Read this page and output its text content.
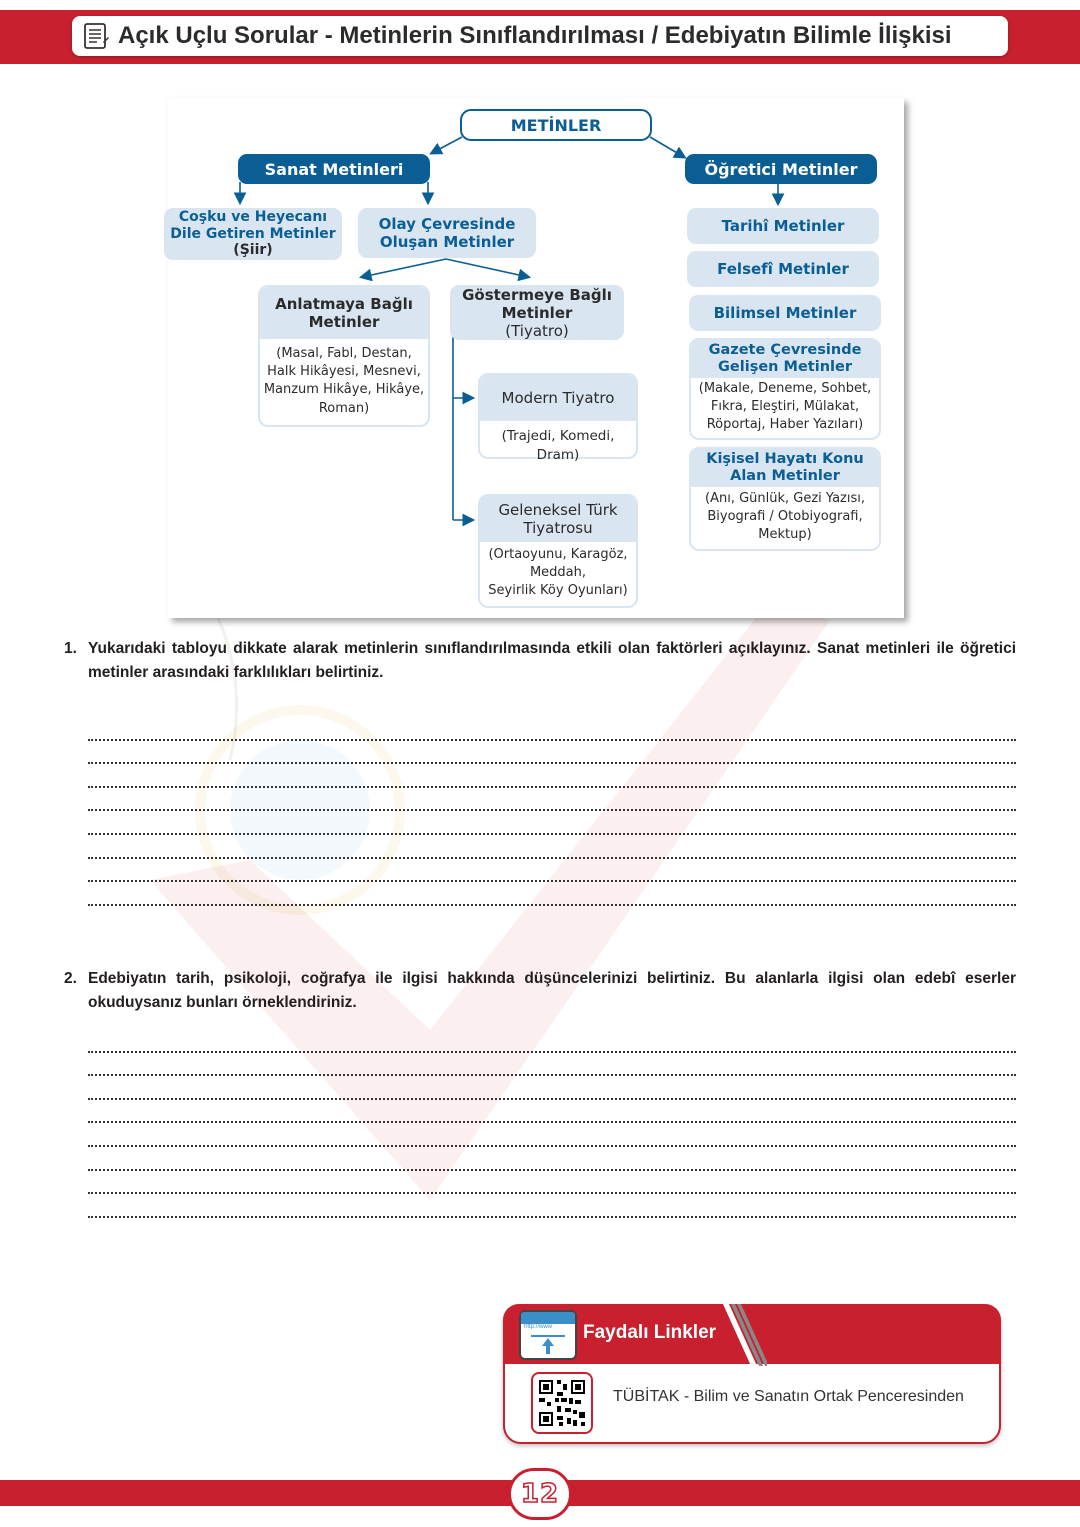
Açık Uçlu Sorular - Metinlerin Sınıflandırılması / Edebiyatın Bilimle İlişkisi
METİNLER
Sanat Metinleri
Coşku ve Heyecanı
Dile Getiren Metinler
(Şiir)
Olay Çevresinde
Oluşan Metinler
Anlatmaya Bağlı
Metinler
(Masal, Fabl, Destan,
Halk Hikâyesi, Mesnevi,
Manzum Hikâye, Hikâye,
Roman)
Göstermeye Bağlı
Metinler
(Tiyatro)
Modern Tiyatro
(Trajedi, Komedi, Dram)
Geleneksel Türk
Tiyatrosu
(Ortaoyunu, Karagöz,
Meddah,
Seyirlik Köy Oyunları)
Öğretici Metinler
Tarihî Metinler
Felsefî Metinler
Bilimsel Metinler
Gazete Çevresinde
Gelişen Metinler
(Makale, Deneme, Sohbet,
Fıkra, Eleştiri, Mülakat,
Röportaj, Haber Yazıları)
Kişisel Hayatı Konu
Alan Metinler
(Anı, Günlük, Gezi Yazısı,
Biyografi / Otobiyografi,
Mektup)
1. Yukarıdaki tabloyu dikkate alarak metinlerin sınıflandırılmasında etkili olan faktörleri açıklayınız. Sanat metinleri ile öğretici metinler arasındaki farklılıkları belirtiniz.
2. Edebiyatın tarih, psikoloji, coğrafya ile ilgisi hakkında düşüncelerinizi belirtiniz. Bu alanlarla ilgisi olan edebî eserler okuduysanız bunları örneklendiriniz.
http://www	Faydalı Linkler
TÜBİTAK - Bilim ve Sanatın Ortak Penceresinden
12
